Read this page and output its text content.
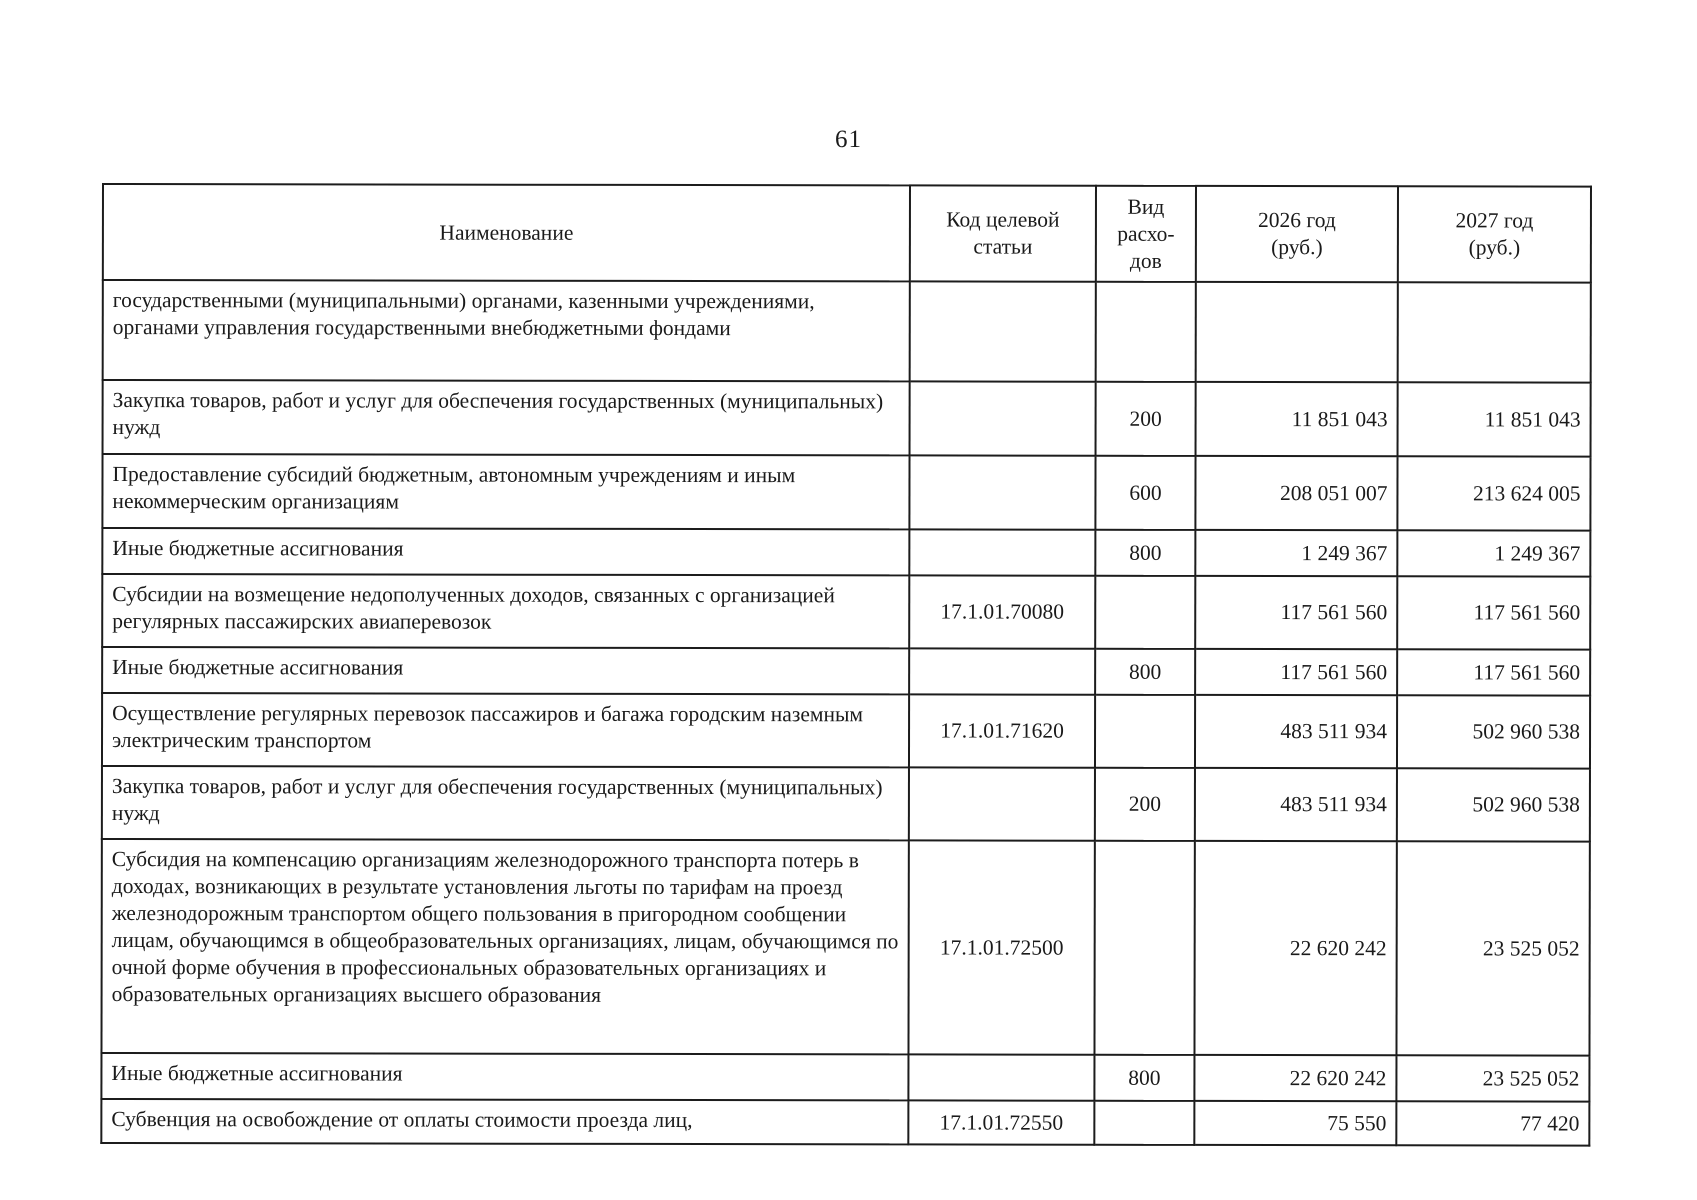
61
Наименование	Код целевой статьи	Вид расхо-дов	2026 год (руб.)	2027 год (руб.)
государственными (муниципальными) органами, казенными учреждениями, органами управления государственными внебюджетными фондами				
Закупка товаров, работ и услуг для обеспечения государственных (муниципальных) нужд		200	11 851 043	11 851 043
Предоставление субсидий бюджетным, автономным учреждениям и иным некоммерческим организациям		600	208 051 007	213 624 005
Иные бюджетные ассигнования		800	1 249 367	1 249 367
Субсидии на возмещение недополученных доходов, связанных с организацией регулярных пассажирских авиаперевозок	17.1.01.70080		117 561 560	117 561 560
Иные бюджетные ассигнования		800	117 561 560	117 561 560
Осуществление регулярных перевозок пассажиров и багажа городским наземным электрическим транспортом	17.1.01.71620		483 511 934	502 960 538
Закупка товаров, работ и услуг для обеспечения государственных (муниципальных) нужд		200	483 511 934	502 960 538
Субсидия на компенсацию организациям железнодорожного транспорта потерь в доходах, возникающих в результате установления льготы по тарифам на проезд железнодорожным транспортом общего пользования в пригородном сообщении лицам, обучающимся в общеобразовательных организациях, лицам, обучающимся по очной форме обучения в профессиональных образовательных организациях и образовательных организациях высшего образования	17.1.01.72500		22 620 242	23 525 052
Иные бюджетные ассигнования		800	22 620 242	23 525 052
Субвенция на освобождение от оплаты стоимости проезда лиц,	17.1.01.72550		75 550	77 420
